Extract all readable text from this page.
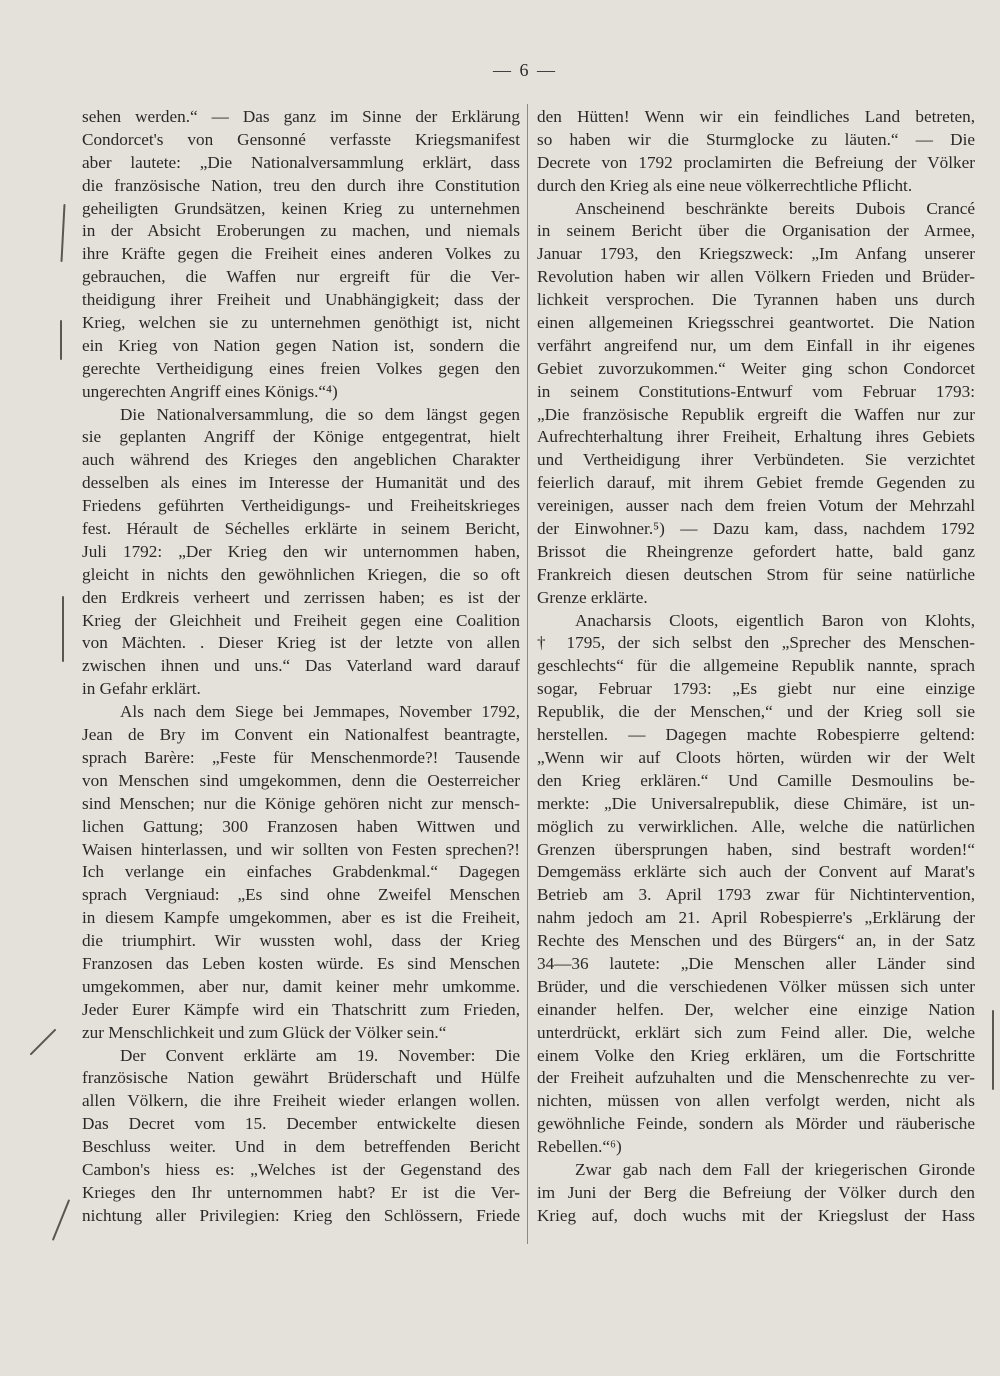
— 6 —
sehen werden.“ — Das ganz im Sinne der Erklärung
Condorcet's von Gensonné verfasste Kriegsmanifest
aber lautete: „Die Nationalversammlung erklärt, dass
die französische Nation, treu den durch ihre Constitution
geheiligten Grundsätzen, keinen Krieg zu unternehmen
in der Absicht Eroberungen zu machen, und niemals
ihre Kräfte gegen die Freiheit eines anderen Volkes zu
gebrauchen, die Waffen nur ergreift für die Ver-
theidigung ihrer Freiheit und Unabhängigkeit; dass der
Krieg, welchen sie zu unternehmen genöthigt ist, nicht
ein Krieg von Nation gegen Nation ist, sondern die
gerechte Vertheidigung eines freien Volkes gegen den
ungerechten Angriff eines Königs.“⁴)
Die Nationalversammlung, die so dem längst gegen
sie geplanten Angriff der Könige entgegentrat, hielt
auch während des Krieges den angeblichen Charakter
desselben als eines im Interesse der Humanität und des
Friedens geführten Vertheidigungs- und Freiheitskrieges
fest. Hérault de Séchelles erklärte in seinem Bericht,
Juli 1792: „Der Krieg den wir unternommen haben,
gleicht in nichts den gewöhnlichen Kriegen, die so oft
den Erdkreis verheert und zerrissen haben; es ist der
Krieg der Gleichheit und Freiheit gegen eine Coalition
von Mächten. . Dieser Krieg ist der letzte von allen
zwischen ihnen und uns.“ Das Vaterland ward darauf
in Gefahr erklärt.
Als nach dem Siege bei Jemmapes, November 1792,
Jean de Bry im Convent ein Nationalfest beantragte,
sprach Barère: „Feste für Menschenmorde?! Tausende
von Menschen sind umgekommen, denn die Oesterreicher
sind Menschen; nur die Könige gehören nicht zur mensch-
lichen Gattung; 300 Franzosen haben Wittwen und
Waisen hinterlassen, und wir sollten von Festen sprechen?!
Ich verlange ein einfaches Grabdenkmal.“ Dagegen
sprach Vergniaud: „Es sind ohne Zweifel Menschen
in diesem Kampfe umgekommen, aber es ist die Freiheit,
die triumphirt. Wir wussten wohl, dass der Krieg
Franzosen das Leben kosten würde. Es sind Menschen
umgekommen, aber nur, damit keiner mehr umkomme.
Jeder Eurer Kämpfe wird ein Thatschritt zum Frieden,
zur Menschlichkeit und zum Glück der Völker sein.“
Der Convent erklärte am 19. November: Die
französische Nation gewährt Brüderschaft und Hülfe
allen Völkern, die ihre Freiheit wieder erlangen wollen.
Das Decret vom 15. December entwickelte diesen
Beschluss weiter. Und in dem betreffenden Bericht
Cambon's hiess es: „Welches ist der Gegenstand des
Krieges den Ihr unternommen habt? Er ist die Ver-
nichtung aller Privilegien: Krieg den Schlössern, Friede
den Hütten! Wenn wir ein feindliches Land betreten,
so haben wir die Sturmglocke zu läuten.“ — Die
Decrete von 1792 proclamirten die Befreiung der Völker
durch den Krieg als eine neue völkerrechtliche Pflicht.
Anscheinend beschränkte bereits Dubois Crancé
in seinem Bericht über die Organisation der Armee,
Januar 1793, den Kriegszweck: „Im Anfang unserer
Revolution haben wir allen Völkern Frieden und Brüder-
lichkeit versprochen. Die Tyrannen haben uns durch
einen allgemeinen Kriegsschrei geantwortet. Die Nation
verfährt angreifend nur, um dem Einfall in ihr eigenes
Gebiet zuvorzukommen.“ Weiter ging schon Condorcet
in seinem Constitutions-Entwurf vom Februar 1793:
„Die französische Republik ergreift die Waffen nur zur
Aufrechterhaltung ihrer Freiheit, Erhaltung ihres Gebiets
und Vertheidigung ihrer Verbündeten. Sie verzichtet
feierlich darauf, mit ihrem Gebiet fremde Gegenden zu
vereinigen, ausser nach dem freien Votum der Mehrzahl
der Einwohner.⁵) — Dazu kam, dass, nachdem 1792
Brissot die Rheingrenze gefordert hatte, bald ganz
Frankreich diesen deutschen Strom für seine natürliche
Grenze erklärte.
Anacharsis Cloots, eigentlich Baron von Klohts,
† 1795, der sich selbst den „Sprecher des Menschen-
geschlechts“ für die allgemeine Republik nannte, sprach
sogar, Februar 1793: „Es giebt nur eine einzige
Republik, die der Menschen,“ und der Krieg soll sie
herstellen. — Dagegen machte Robespierre geltend:
„Wenn wir auf Cloots hörten, würden wir der Welt
den Krieg erklären.“ Und Camille Desmoulins be-
merkte: „Die Universalrepublik, diese Chimäre, ist un-
möglich zu verwirklichen. Alle, welche die natürlichen
Grenzen übersprungen haben, sind bestraft worden!“
Demgemäss erklärte sich auch der Convent auf Marat's
Betrieb am 3. April 1793 zwar für Nichtintervention,
nahm jedoch am 21. April Robespierre's „Erklärung der
Rechte des Menschen und des Bürgers“ an, in der Satz
34—36 lautete: „Die Menschen aller Länder sind
Brüder, und die verschiedenen Völker müssen sich unter
einander helfen. Der, welcher eine einzige Nation
unterdrückt, erklärt sich zum Feind aller. Die, welche
einem Volke den Krieg erklären, um die Fortschritte
der Freiheit aufzuhalten und die Menschenrechte zu ver-
nichten, müssen von allen verfolgt werden, nicht als
gewöhnliche Feinde, sondern als Mörder und räuberische
Rebellen.“⁶)
Zwar gab nach dem Fall der kriegerischen Gironde
im Juni der Berg die Befreiung der Völker durch den
Krieg auf, doch wuchs mit der Kriegslust der Hass
